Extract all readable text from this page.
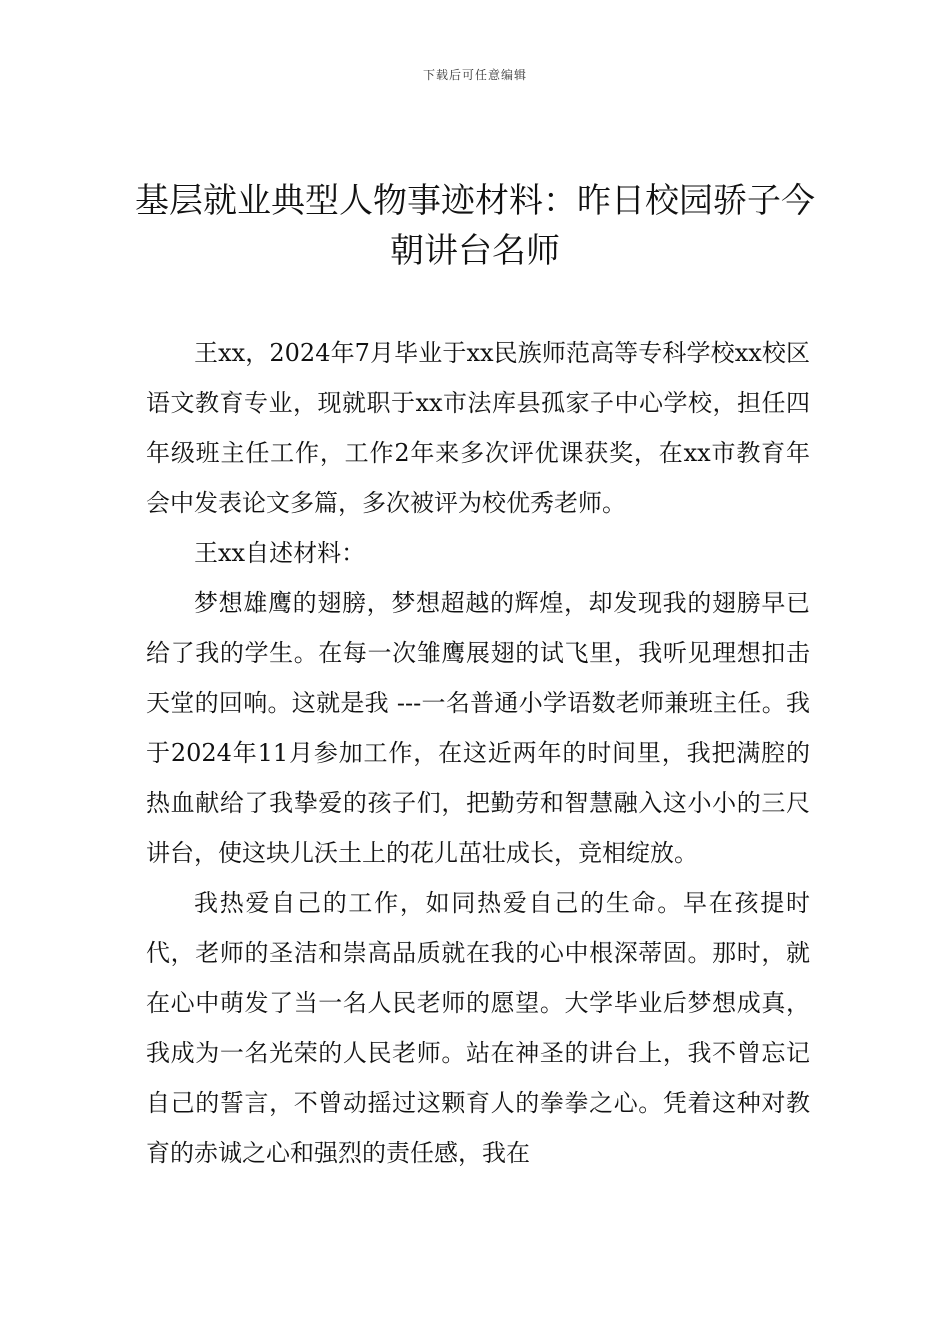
下载后可任意编辑
基层就业典型人物事迹材料：昨日校园骄子今朝讲台名师

王xx，2024年7月毕业于xx民族师范高等专科学校xx校区语文教育专业，现就职于xx市法库县孤家子中心学校，担任四年级班主任工作，工作2年来多次评优课获奖，在xx市教育年会中发表论文多篇，多次被评为校优秀老师。

王xx自述材料：

梦想雄鹰的翅膀，梦想超越的辉煌，却发现我的翅膀早已给了我的学生。在每一次雏鹰展翅的试飞里，我听见理想扣击天堂的回响。这就是我 ---一名普通小学语数老师兼班主任。我于2024年11月参加工作，在这近两年的时间里，我把满腔的热血献给了我挚爱的孩子们，把勤劳和智慧融入这小小的三尺讲台，使这块儿沃土上的花儿茁壮成长，竞相绽放。

我热爱自己的工作，如同热爱自己的生命。早在孩提时代，老师的圣洁和崇高品质就在我的心中根深蒂固。那时，就在心中萌发了当一名人民老师的愿望。大学毕业后梦想成真，我成为一名光荣的人民老师。站在神圣的讲台上，我不曾忘记自己的誓言，不曾动摇过这颗育人的拳拳之心。凭着这种对教育的赤诚之心和强烈的责任感，我在
